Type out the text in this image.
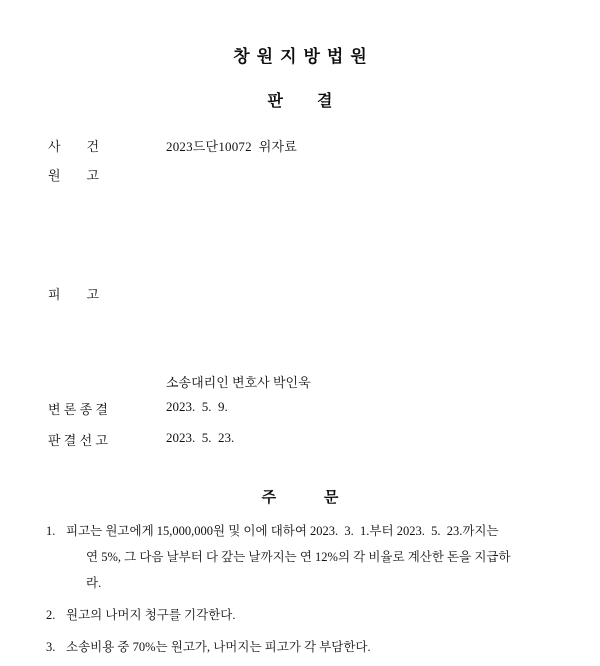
창원지방법원
판결
사        건	2023드단10072  위자료
원        고
피        고
소송대리인 변호사 박인욱
변 론 종 결	2023.  5.  9.
판 결 선 고	2023.  5.  23.
주 문
1. 피고는 원고에게 15,000,000원 및 이에 대하여 2023.  3.  1.부터 2023.  5.  23.까지는
연 5%, 그 다음 날부터 다 갚는 날까지는 연 12%의 각 비율로 계산한 돈을 지급하
라.
2. 원고의 나머지 청구를 기각한다.
3. 소송비용 중 70%는 원고가, 나머지는 피고가 각 부담한다.
